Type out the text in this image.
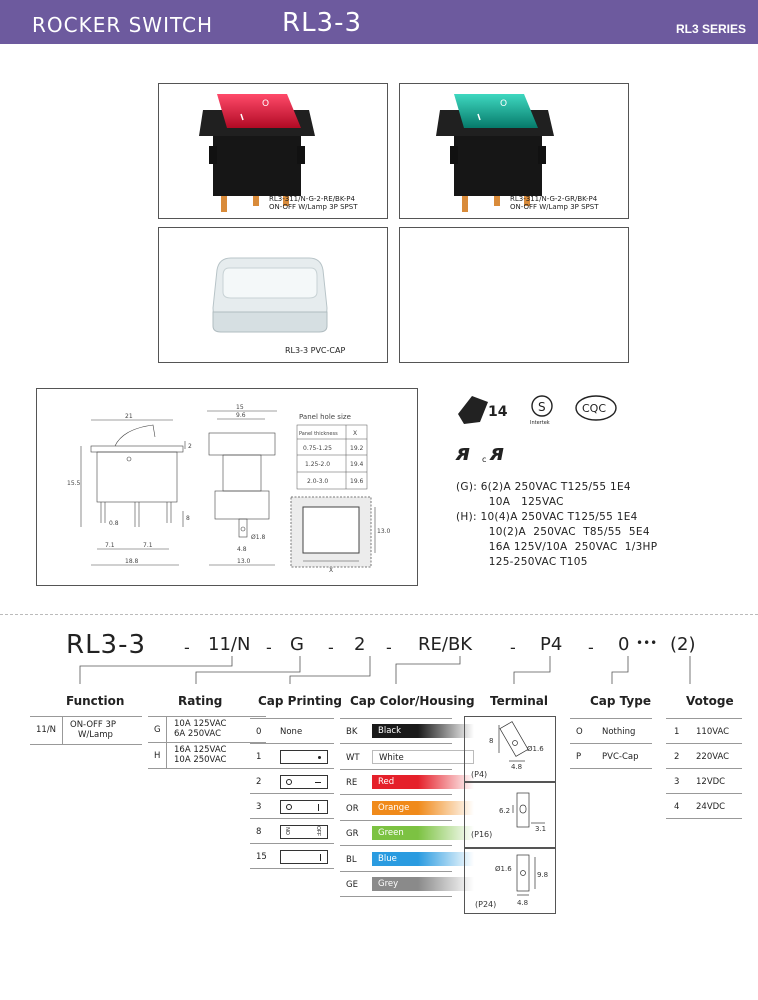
ROCKER SWITCH	RL3-3	RL3 SERIES
O
RL3-311/N-G-2-RE/BK-P4
ON-OFF W/Lamp 3P SPST
O
RL3-311/N-G-2-GR/BK-P4
ON-OFF W/Lamp 3P SPST
RL3-3 PVC-CAP
21
2
15.5
0.8
7.1	7.1
18.8
8
15
9.6
Ø1.8
4.8
13.0
Panel hole size
Panel thickness	X
0.75-1.25	19.2
1.25-2.0	19.4
2.0-3.0	19.6
X
13.0
14	S
Intertek
CQC
ᴙ c ᴙ
(G): 6(2)A 250VAC T125/55 1E4
10A   125VAC
(H): 10(4)A 250VAC T125/55 1E4
10(2)A  250VAC  T85/55  5E4
16A 125V/10A  250VAC  1/3HP
125-250VAC T105
RL3-3 - 11/N - G - 2 - RE/BK - P4 - 0 ••• (2)
Function
11/N ON-OFF 3P
W/Lamp
Rating
G
10A 125VAC
6A 250VAC
H
16A 125VAC
10A 250VAC
Cap Printing
0 None
1
2
3
8	ON	OFF
15
Cap Color/Housing
BK	Black
WT	White
RE	Red
OR	Orange
GR	Green
BL	Blue
GE	Grey
Terminal
8
Ø1.6
4.8
(P4)
6.2
3.1
(P16)
Ø1.6
9.8
4.8
(P24)
Cap Type
O Nothing
P PVC-Cap
Votoge
1 110VAC
2 220VAC
3 12VDC
4 24VDC
